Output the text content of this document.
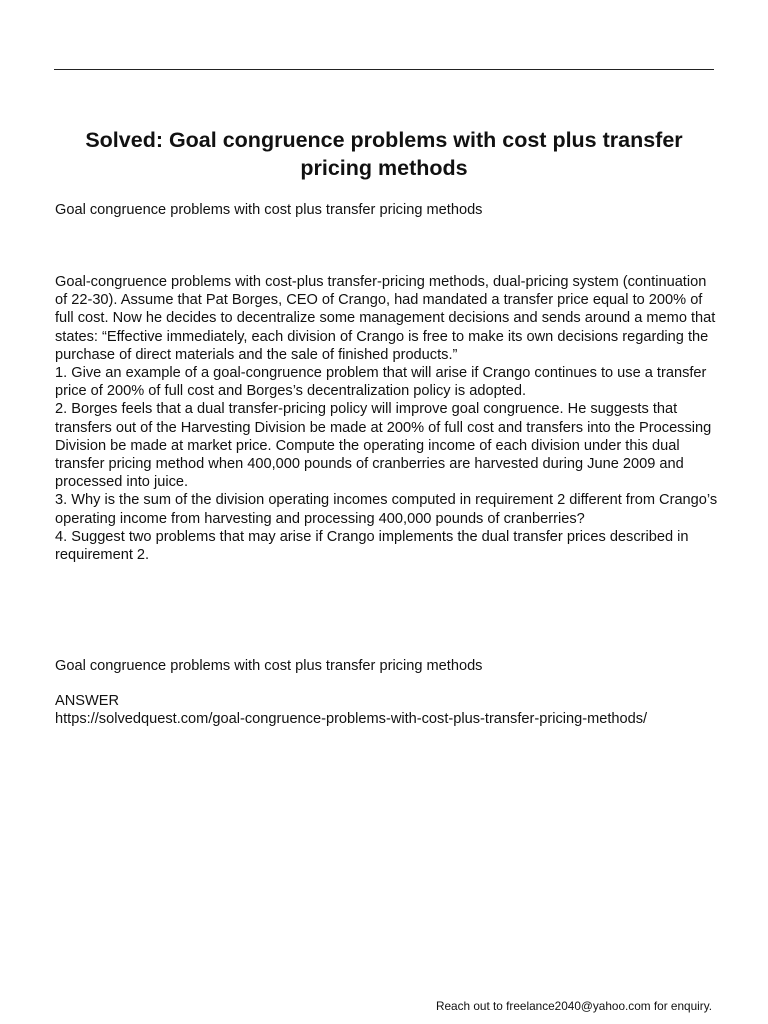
Solved: Goal congruence problems with cost plus transfer pricing methods

Goal congruence problems with cost plus transfer pricing methods

Goal-congruence problems with cost-plus transfer-pricing methods, dual-pricing system (continuation of 22-30). Assume that Pat Borges, CEO of Crango, had mandated a transfer price equal to 200% of full cost. Now he decides to decentralize some management decisions and sends around a memo that states: “Effective immediately, each division of Crango is free to make its own decisions regarding the purchase of direct materials and the sale of finished products.”

1. Give an example of a goal-congruence problem that will arise if Crango continues to use a transfer price of 200% of full cost and Borges’s decentralization policy is adopted.

2. Borges feels that a dual transfer-pricing policy will improve goal congruence. He suggests that transfers out of the Harvesting Division be made at 200% of full cost and transfers into the Processing Division be made at market price. Compute the operating income of each division under this dual transfer pricing method when 400,000 pounds of cranberries are harvested during June 2009 and processed into juice.

3. Why is the sum of the division operating incomes computed in requirement 2 different from Crango’s operating income from harvesting and processing 400,000 pounds of cranberries?

4. Suggest two problems that may arise if Crango implements the dual transfer prices described in requirement 2.

Goal congruence problems with cost plus transfer pricing methods

ANSWER

https://solvedquest.com/goal-congruence-problems-with-cost-plus-transfer-pricing-methods/

Reach out to freelance2040@yahoo.com for enquiry.
